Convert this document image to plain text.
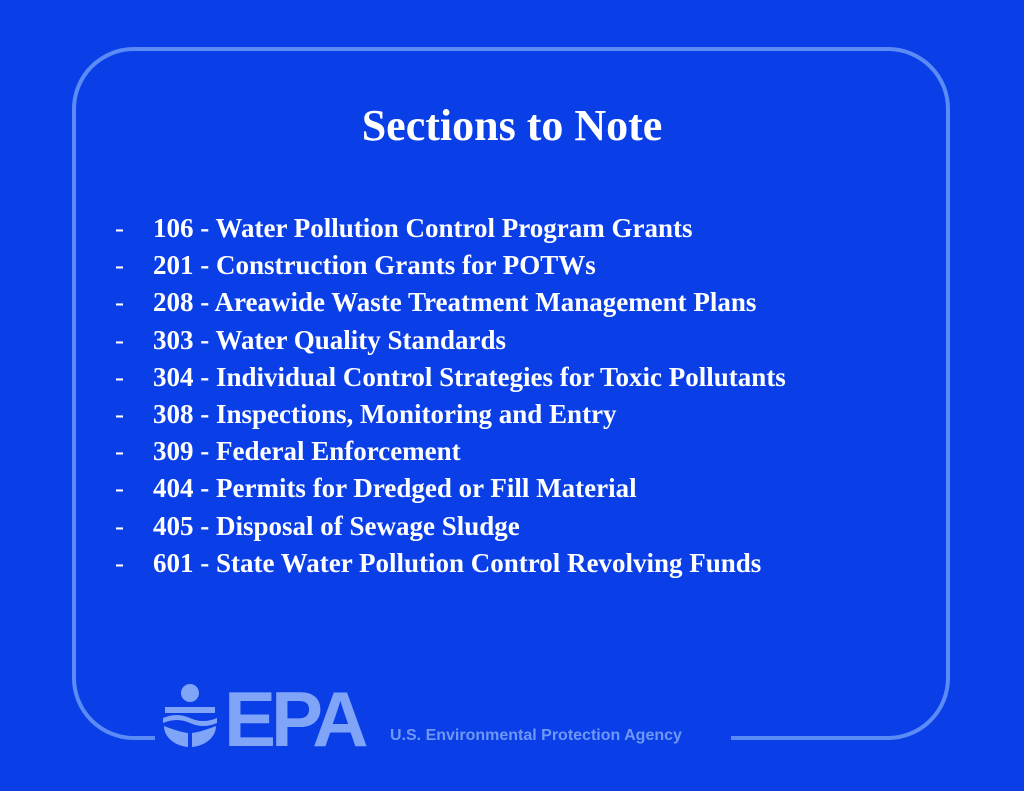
Sections to Note
-	106 - Water Pollution Control Program Grants
-	201 - Construction Grants for POTWs
-	208 - Areawide Waste Treatment Management Plans
-	303 - Water Quality Standards
-	304 - Individual Control Strategies for Toxic Pollutants
-	308 - Inspections, Monitoring and Entry
-	309 - Federal Enforcement
-	404 - Permits for Dredged or Fill Material
-	405 - Disposal of Sewage Sludge
-	601 - State Water Pollution Control Revolving Funds
EPA U.S. Environmental Protection Agency
